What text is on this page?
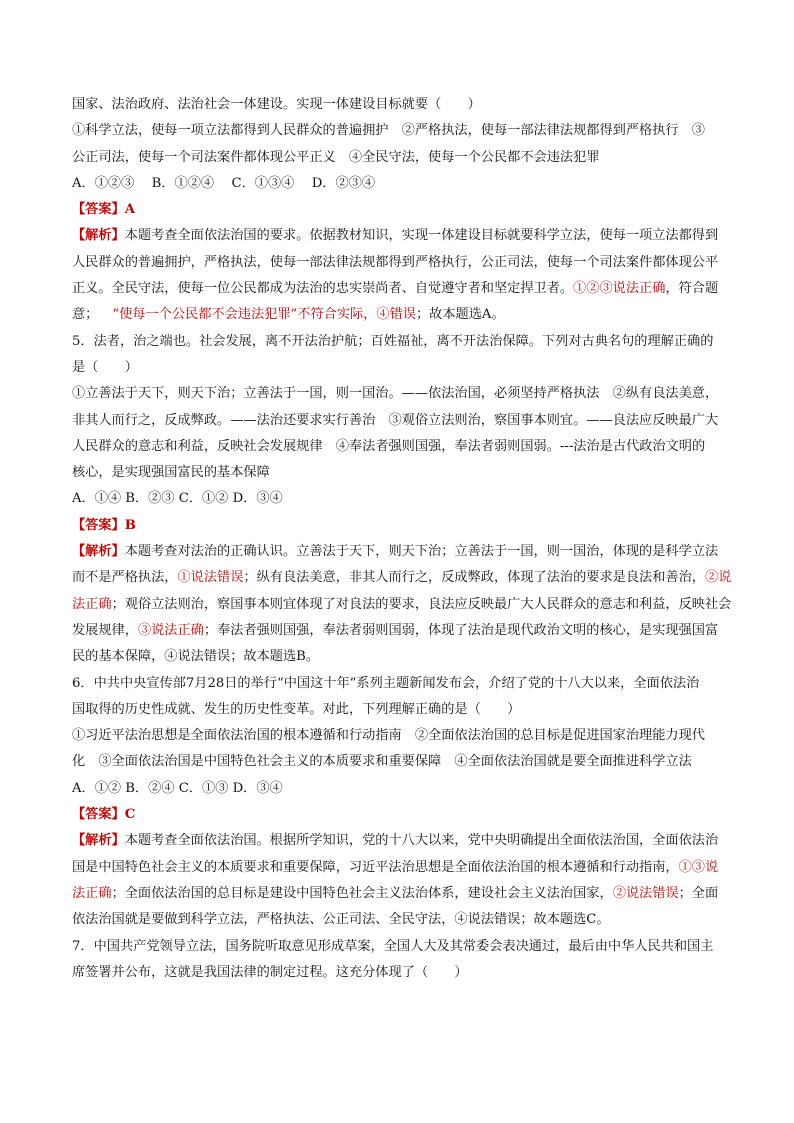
国家、法治政府、法治社会一体建设。实现一体建设目标就要（　　）
①科学立法，使每一项立法都得到人民群众的普遍拥护　②严格执法，使每一部法律法规都得到严格执行　③
公正司法，使每一个司法案件都体现公平正义　④全民守法，使每一个公民都不会违法犯罪
A．①②③　 B．①②④　 C．①③④　 D．②③④
【答案】A
【解析】本题考查全面依法治国的要求。依据教材知识，实现一体建设目标就要科学立法，使每一项立法都得到
人民群众的普遍拥护，严格执法，使每一部法律法规都得到严格执行，公正司法，使每一个司法案件都体现公平
正义。全民守法，使每一位公民都成为法治的忠实崇尚者、自觉遵守者和坚定捍卫者。①②③说法正确，符合题
意； “使每一个公民都不会违法犯罪”不符合实际，④错误；故本题选A。
5．法者，治之端也。社会发展，离不开法治护航；百姓福祉，离不开法治保障。下列对古典名句的理解正确的
是（　　）
①立善法于天下，则天下治；立善法于一国，则一国治。——依法治国，必须坚持严格执法　②纵有良法美意，
非其人而行之，反成弊政。——法治还要求实行善治　③观俗立法则治，察国事本则宜。——良法应反映最广大
人民群众的意志和利益，反映社会发展规律　④奉法者强则国强，奉法者弱则国弱。---法治是古代政治文明的
核心，是实现强国富民的基本保障
A．①④ B．②③ C．①② D．③④
【答案】B
【解析】本题考查对法治的正确认识。立善法于天下，则天下治；立善法于一国，则一国治，体现的是科学立法
而不是严格执法，①说法错误；纵有良法美意，非其人而行之，反成弊政，体现了法治的要求是良法和善治，②说
法正确；观俗立法则治，察国事本则宜体现了对良法的要求，良法应反映最广大人民群众的意志和利益，反映社会
发展规律，③说法正确；奉法者强则国强，奉法者弱则国弱，体现了法治是现代政治文明的核心，是实现强国富
民的基本保障，④说法错误；故本题选B。
6．中共中央宣传部7月28日的举行“中国这十年”系列主题新闻发布会，介绍了党的十八大以来，全面依法治
国取得的历史性成就、发生的历史性变革。对此，下列理解正确的是（　　）
①习近平法治思想是全面依法治国的根本遵循和行动指南　②全面依法治国的总目标是促进国家治理能力现代
化　③全面依法治国是中国特色社会主义的本质要求和重要保障　④全面依法治国就是要全面推进科学立法
A．①② B．②④ C．①③ D．③④
【答案】C
【解析】本题考查全面依法治国。根据所学知识，党的十八大以来，党中央明确提出全面依法治国，全面依法治
国是中国特色社会主义的本质要求和重要保障，习近平法治思想是全面依法治国的根本遵循和行动指南，①③说
法正确；全面依法治国的总目标是建设中国特色社会主义法治体系，建设社会主义法治国家，②说法错误；全面
依法治国就是要做到科学立法，严格执法、公正司法、全民守法，④说法错误；故本题选C。
7．中国共产党领导立法，国务院听取意见形成草案，全国人大及其常委会表决通过，最后由中华人民共和国主
席签署并公布，这就是我国法律的制定过程。这充分体现了（　　）
